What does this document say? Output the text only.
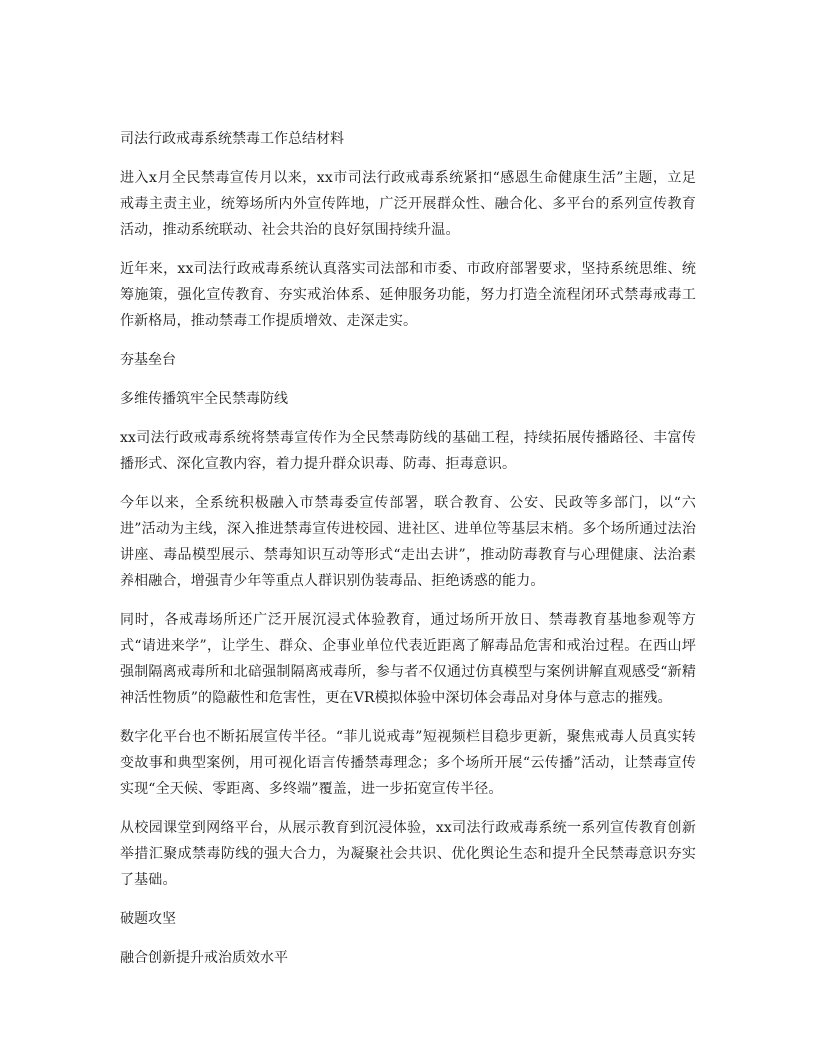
司法行政戒毒系统禁毒工作总结材料

进入x月全民禁毒宣传月以来，xx市司法行政戒毒系统紧扣“感恩生命健康生活”主题，立足戒毒主责主业，统筹场所内外宣传阵地，广泛开展群众性、融合化、多平台的系列宣传教育活动，推动系统联动、社会共治的良好氛围持续升温。

近年来，xx司法行政戒毒系统认真落实司法部和市委、市政府部署要求，坚持系统思维、统筹施策，强化宣传教育、夯实戒治体系、延伸服务功能，努力打造全流程闭环式禁毒戒毒工作新格局，推动禁毒工作提质增效、走深走实。

夯基垒台

多维传播筑牢全民禁毒防线

xx司法行政戒毒系统将禁毒宣传作为全民禁毒防线的基础工程，持续拓展传播路径、丰富传播形式、深化宣教内容，着力提升群众识毒、防毒、拒毒意识。

今年以来，全系统积极融入市禁毒委宣传部署，联合教育、公安、民政等多部门，以“六进”活动为主线，深入推进禁毒宣传进校园、进社区、进单位等基层末梢。多个场所通过法治讲座、毒品模型展示、禁毒知识互动等形式“走出去讲”，推动防毒教育与心理健康、法治素养相融合，增强青少年等重点人群识别伪装毒品、拒绝诱惑的能力。

同时，各戒毒场所还广泛开展沉浸式体验教育，通过场所开放日、禁毒教育基地参观等方式“请进来学”，让学生、群众、企事业单位代表近距离了解毒品危害和戒治过程。在西山坪强制隔离戒毒所和北碚强制隔离戒毒所，参与者不仅通过仿真模型与案例讲解直观感受“新精神活性物质”的隐蔽性和危害性，更在VR模拟体验中深切体会毒品对身体与意志的摧残。

数字化平台也不断拓展宣传半径。“菲儿说戒毒”短视频栏目稳步更新，聚焦戒毒人员真实转变故事和典型案例，用可视化语言传播禁毒理念；多个场所开展“云传播”活动，让禁毒宣传实现“全天候、零距离、多终端”覆盖，进一步拓宽宣传半径。

从校园课堂到网络平台，从展示教育到沉浸体验，xx司法行政戒毒系统一系列宣传教育创新举措汇聚成禁毒防线的强大合力，为凝聚社会共识、优化舆论生态和提升全民禁毒意识夯实了基础。

破题攻坚

融合创新提升戒治质效水平
